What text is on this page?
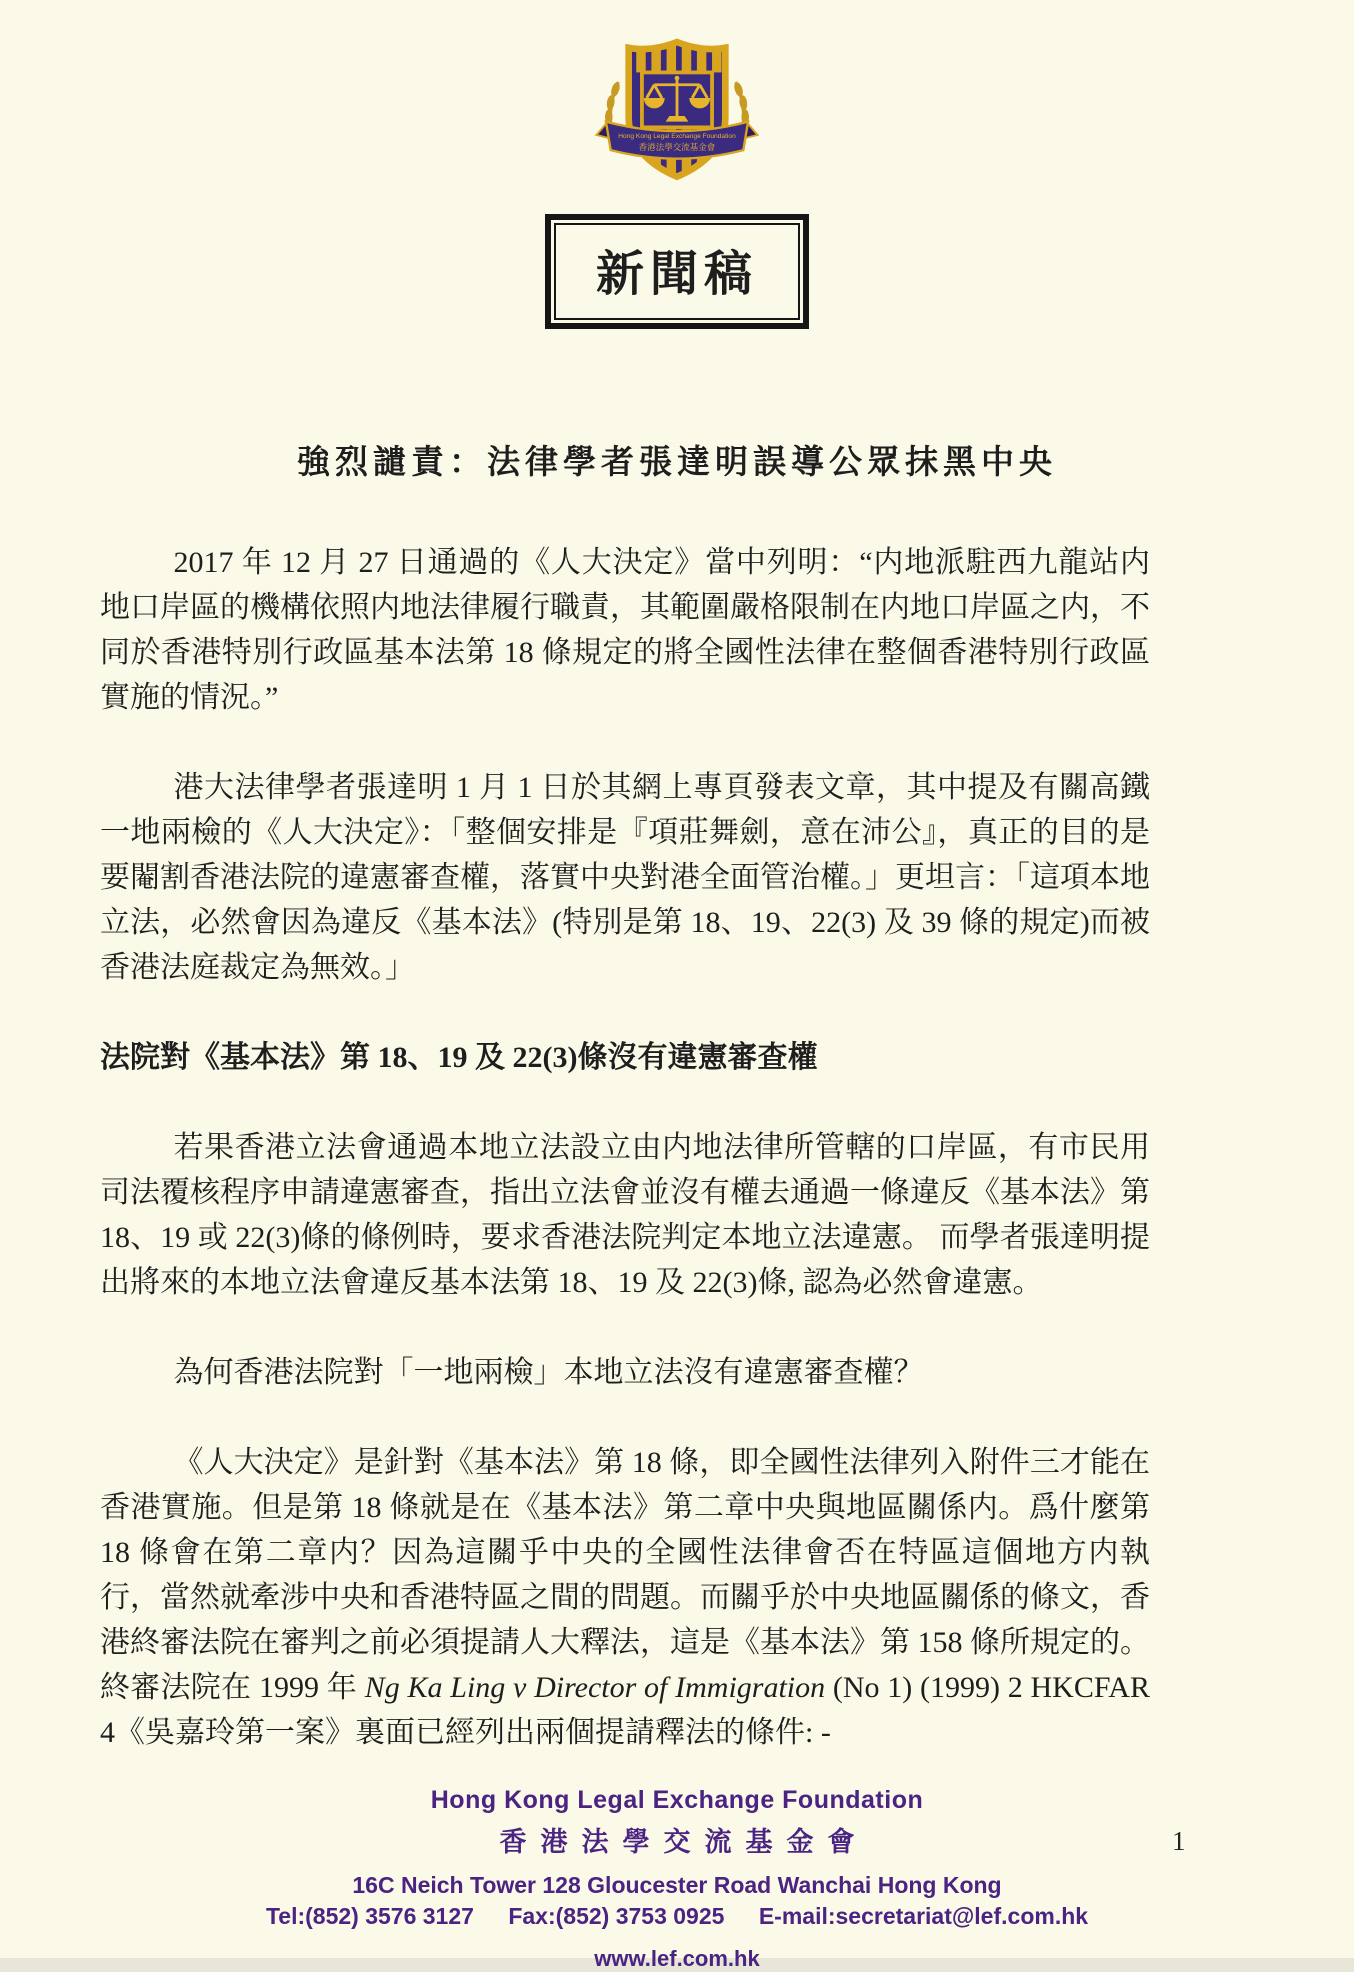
Hong Kong Legal Exchange Foundation
香港法學交流基金會
新聞稿
強烈譴責：法律學者張達明誤導公眾抹黑中央

2017 年 12 月 27 日通過的《人大決定》當中列明：“内地派駐西九龍站内地口岸區的機構依照内地法律履行職責，其範圍嚴格限制在内地口岸區之内，不同於香港特別行政區基本法第 18 條規定的將全國性法律在整個香港特別行政區實施的情況。”

港大法律學者張達明 1 月 1 日於其網上專頁發表文章，其中提及有關高鐵一地兩檢的《人大決定》：「整個安排是『項莊舞劍，意在沛公』，真正的目的是要閹割香港法院的違憲審查權，落實中央對港全面管治權。」更坦言：「這項本地立法，必然會因為違反《基本法》(特別是第 18、19、22(3) 及 39 條的規定)而被香港法庭裁定為無效。」

法院對《基本法》第 18、19 及 22(3)條沒有違憲審查權

若果香港立法會通過本地立法設立由内地法律所管轄的口岸區，有市民用司法覆核程序申請違憲審查，指出立法會並沒有權去通過一條違反《基本法》第 18、19 或 22(3)條的條例時，要求香港法院判定本地立法違憲。 而學者張達明提出將來的本地立法會違反基本法第 18、19 及 22(3)條, 認為必然會違憲。

為何香港法院對「一地兩檢」本地立法沒有違憲審查權？

《人大決定》是針對《基本法》第 18 條，即全國性法律列入附件三才能在香港實施。但是第 18 條就是在《基本法》第二章中央與地區關係内。爲什麼第 18 條會在第二章内？因為這關乎中央的全國性法律會否在特區這個地方内執行，當然就牽涉中央和香港特區之間的問題。而關乎於中央地區關係的條文，香港終審法院在審判之前必須提請人大釋法，這是《基本法》第 158 條所規定的。終審法院在 1999 年 Ng Ka Ling v Director of Immigration (No 1) (1999) 2 HKCFAR 4《吳嘉玲第一案》裏面已經列出兩個提請釋法的條件: -

Hong Kong Legal Exchange Foundation
香港法學交流基金會
16C Neich Tower 128 Gloucester Road Wanchai Hong Kong
Tel:(852) 3576 3127 Fax:(852) 3753 0925 E-mail:secretariat@lef.com.hk
www.lef.com.hk
1
